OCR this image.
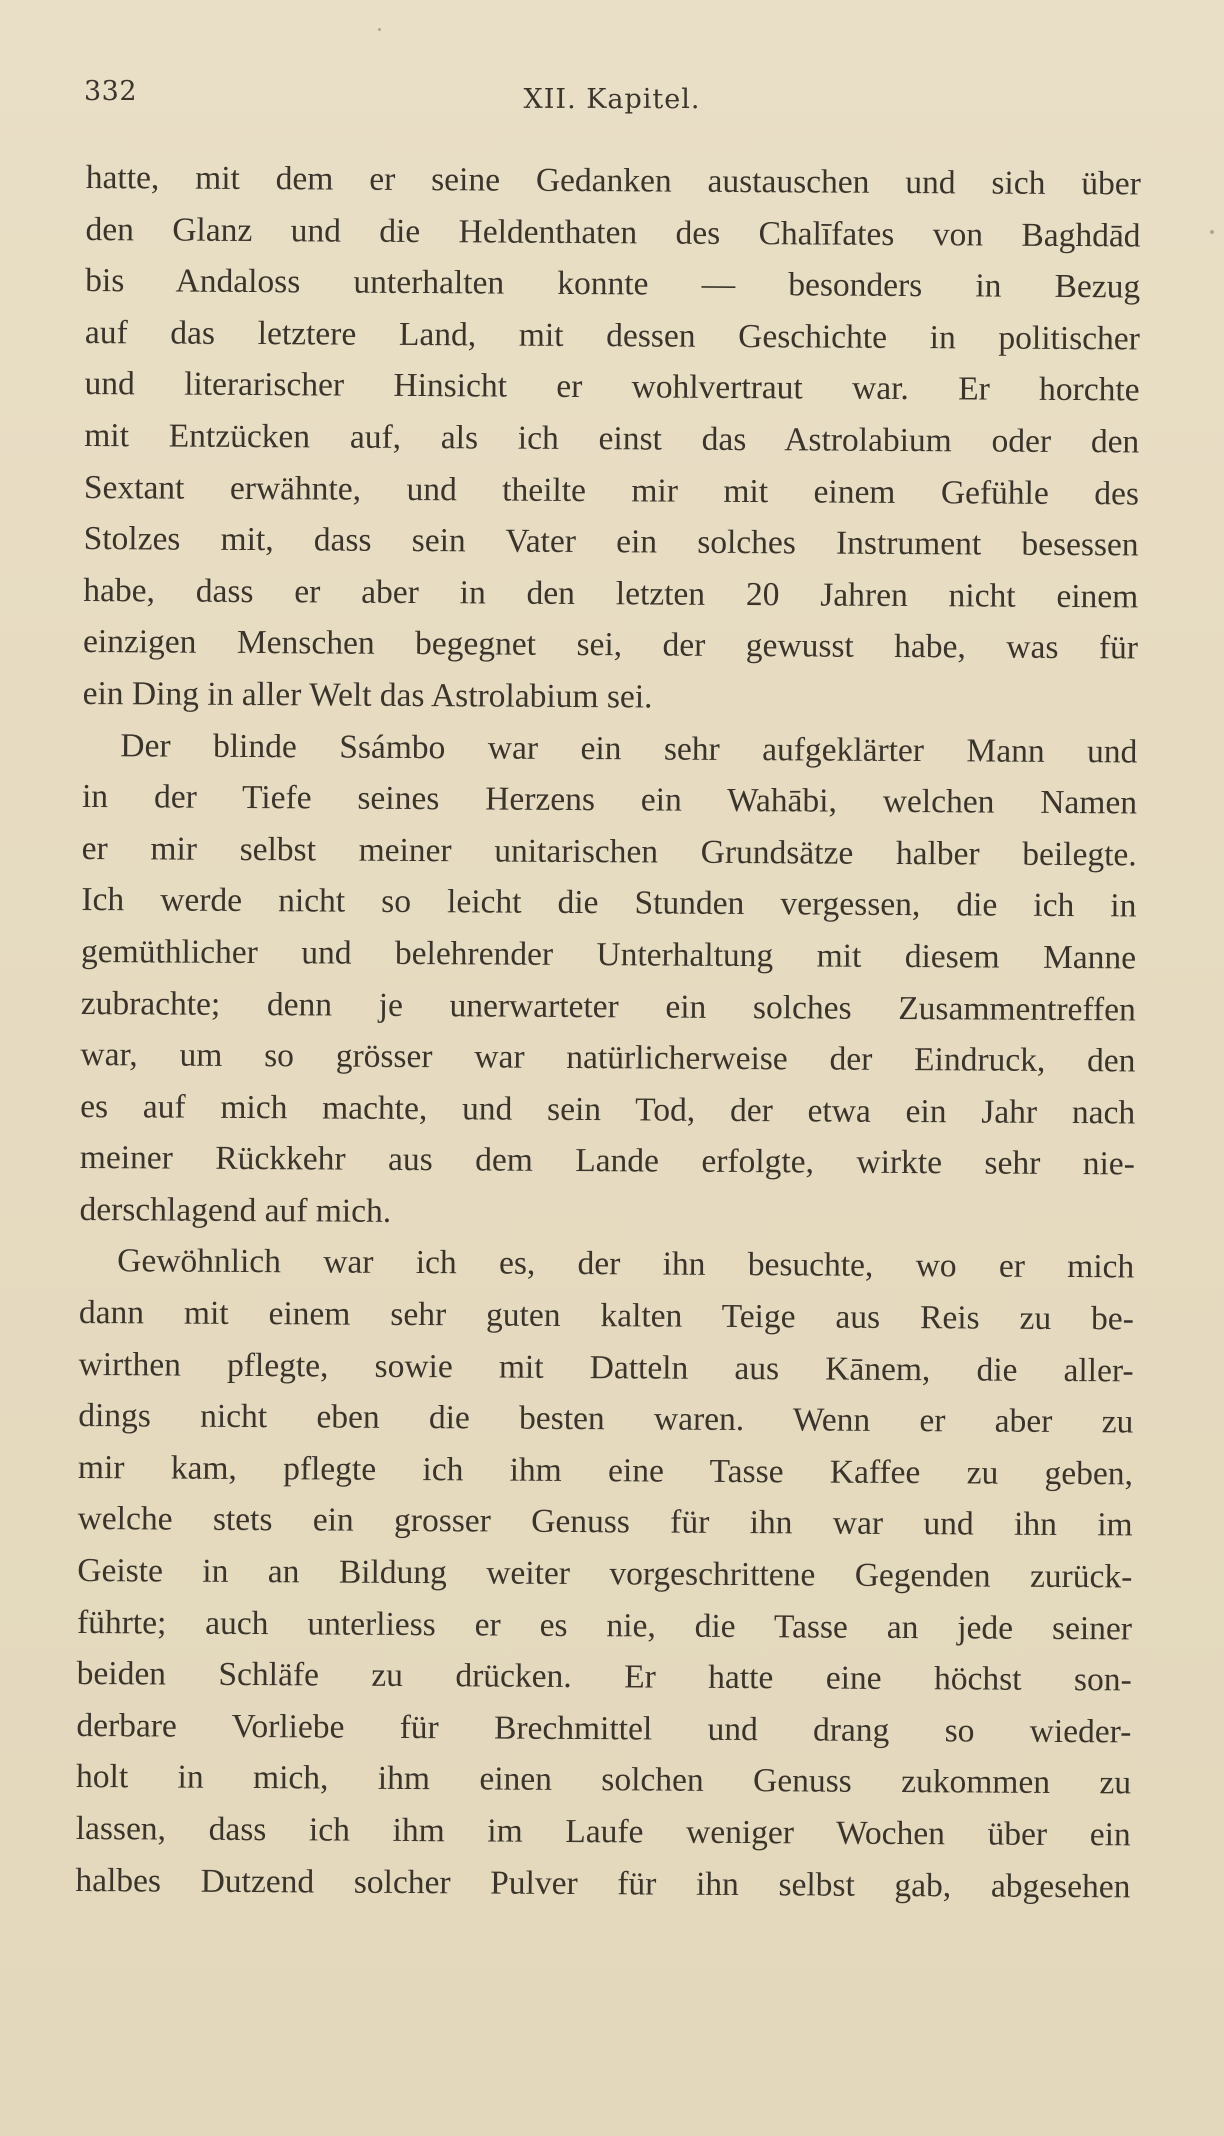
332	XII. Kapitel.
hatte, mit dem er seine Gedanken austauschen und sich über
den Glanz und die Heldenthaten des Chalīfates von Baghdād
bis Andaloss unterhalten konnte — besonders in Bezug
auf das letztere Land, mit dessen Geschichte in politischer
und literarischer Hinsicht er wohlvertraut war. Er horchte
mit Entzücken auf, als ich einst das Astrolabium oder den
Sextant erwähnte, und theilte mir mit einem Gefühle des
Stolzes mit, dass sein Vater ein solches Instrument besessen
habe, dass er aber in den letzten 20 Jahren nicht einem
einzigen Menschen begegnet sei, der gewusst habe, was für
ein Ding in aller Welt das Astrolabium sei.
Der blinde Ssámbo war ein sehr aufgeklärter Mann und
in der Tiefe seines Herzens ein Wahābi, welchen Namen
er mir selbst meiner unitarischen Grundsätze halber beilegte.
Ich werde nicht so leicht die Stunden vergessen, die ich in
gemüthlicher und belehrender Unterhaltung mit diesem Manne
zubrachte; denn je unerwarteter ein solches Zusammentreffen
war, um so grösser war natürlicherweise der Eindruck, den
es auf mich machte, und sein Tod, der etwa ein Jahr nach
meiner Rückkehr aus dem Lande erfolgte, wirkte sehr nie-
derschlagend auf mich.
Gewöhnlich war ich es, der ihn besuchte, wo er mich
dann mit einem sehr guten kalten Teige aus Reis zu be-
wirthen pflegte, sowie mit Datteln aus Kānem, die aller-
dings nicht eben die besten waren. Wenn er aber zu
mir kam, pflegte ich ihm eine Tasse Kaffee zu geben,
welche stets ein grosser Genuss für ihn war und ihn im
Geiste in an Bildung weiter vorgeschrittene Gegenden zurück-
führte; auch unterliess er es nie, die Tasse an jede seiner
beiden Schläfe zu drücken. Er hatte eine höchst son-
derbare Vorliebe für Brechmittel und drang so wieder-
holt in mich, ihm einen solchen Genuss zukommen zu
lassen, dass ich ihm im Laufe weniger Wochen über ein
halbes Dutzend solcher Pulver für ihn selbst gab, abgesehen
